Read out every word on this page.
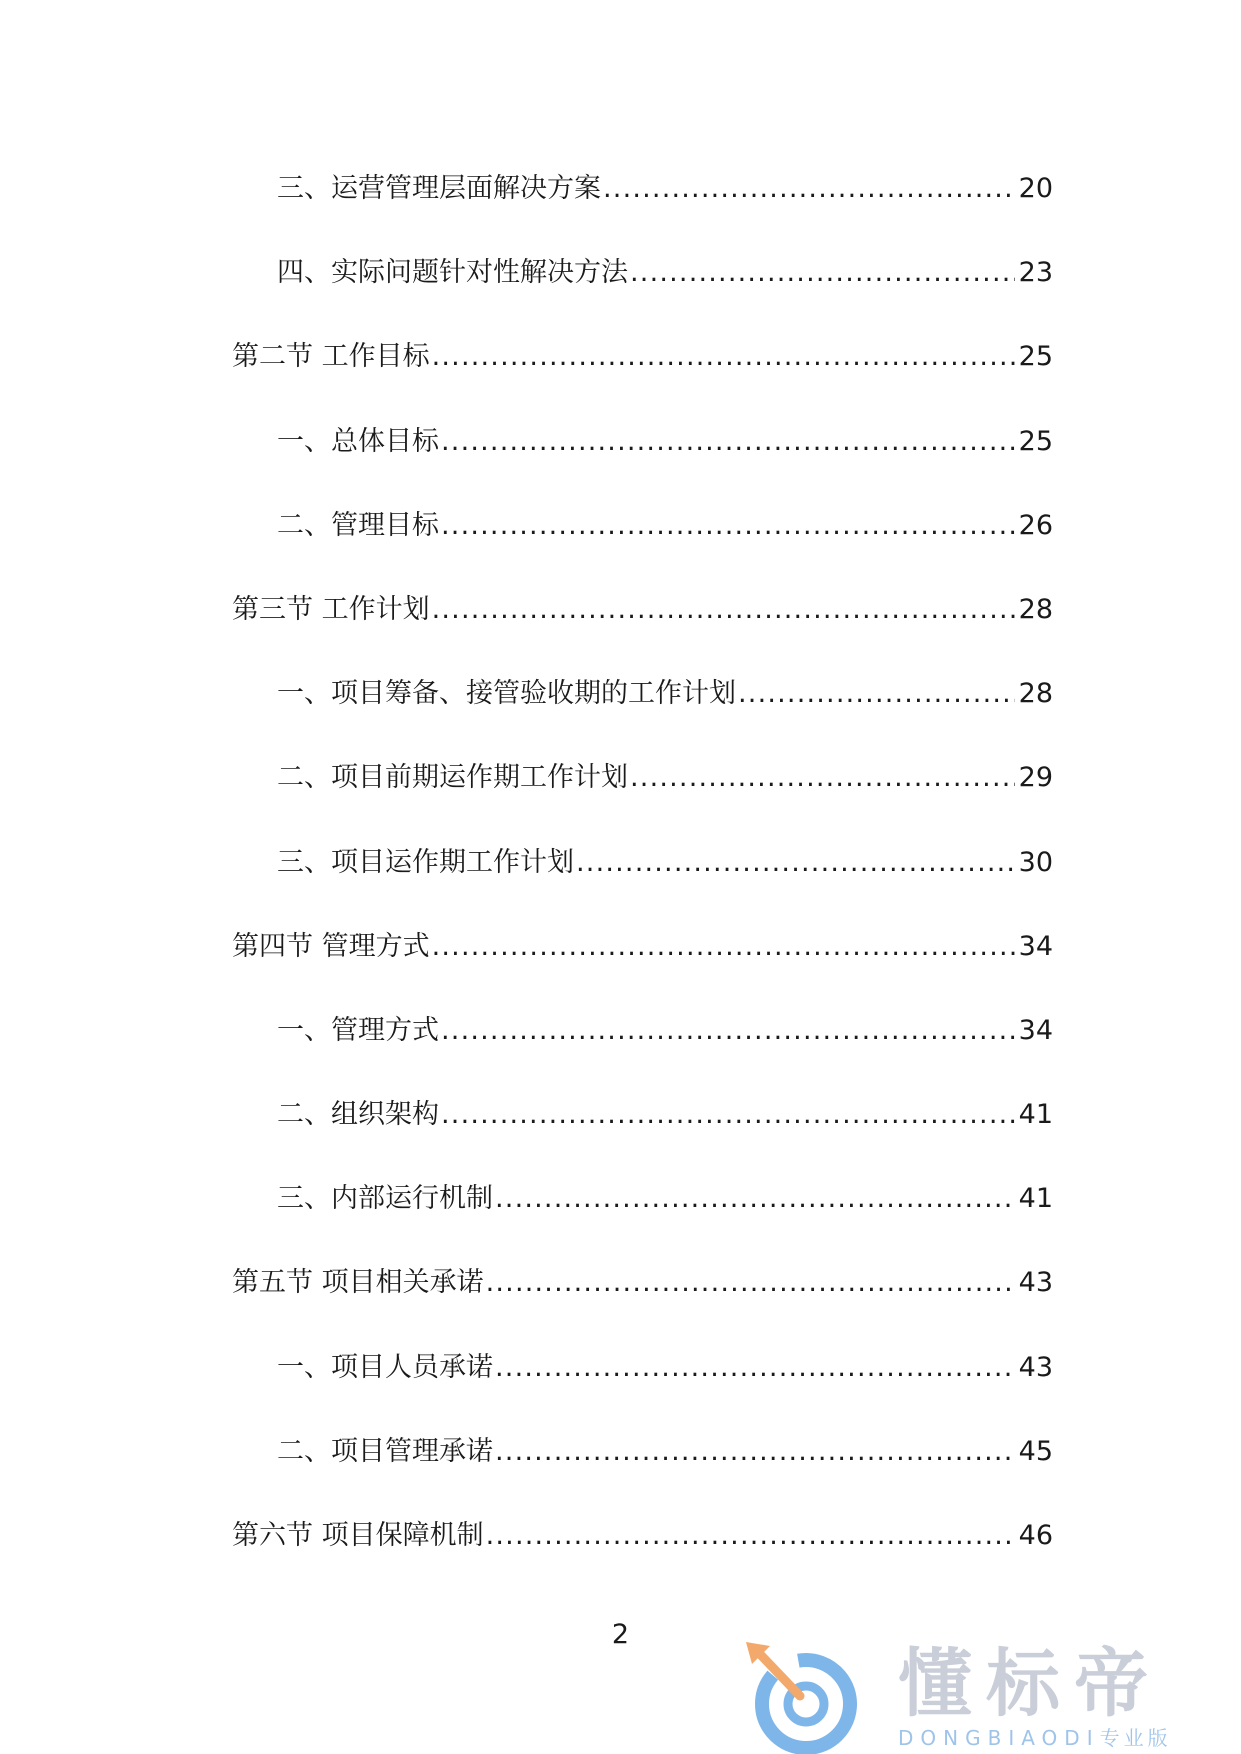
三、运营管理层面解决方案 .....	20
四、实际问题针对性解决方法 .....	23
第二节 工作目标 .....	25
一、总体目标 .....	25
二、管理目标 .....	26
第三节 工作计划 .....	28
一、项目筹备、接管验收期的工作计划 .....	28
二、项目前期运作期工作计划 .....	29
三、项目运作期工作计划 .....	30
第四节 管理方式 .....	34
一、管理方式 .....	34
二、组织架构 .....	41
三、内部运行机制 .....	41
第五节 项目相关承诺 .....	43
一、项目人员承诺 .....	43
二、项目管理承诺 .....	45
第六节 项目保障机制 .....	46
2
懂标帝
DONGBIAODI专业版
